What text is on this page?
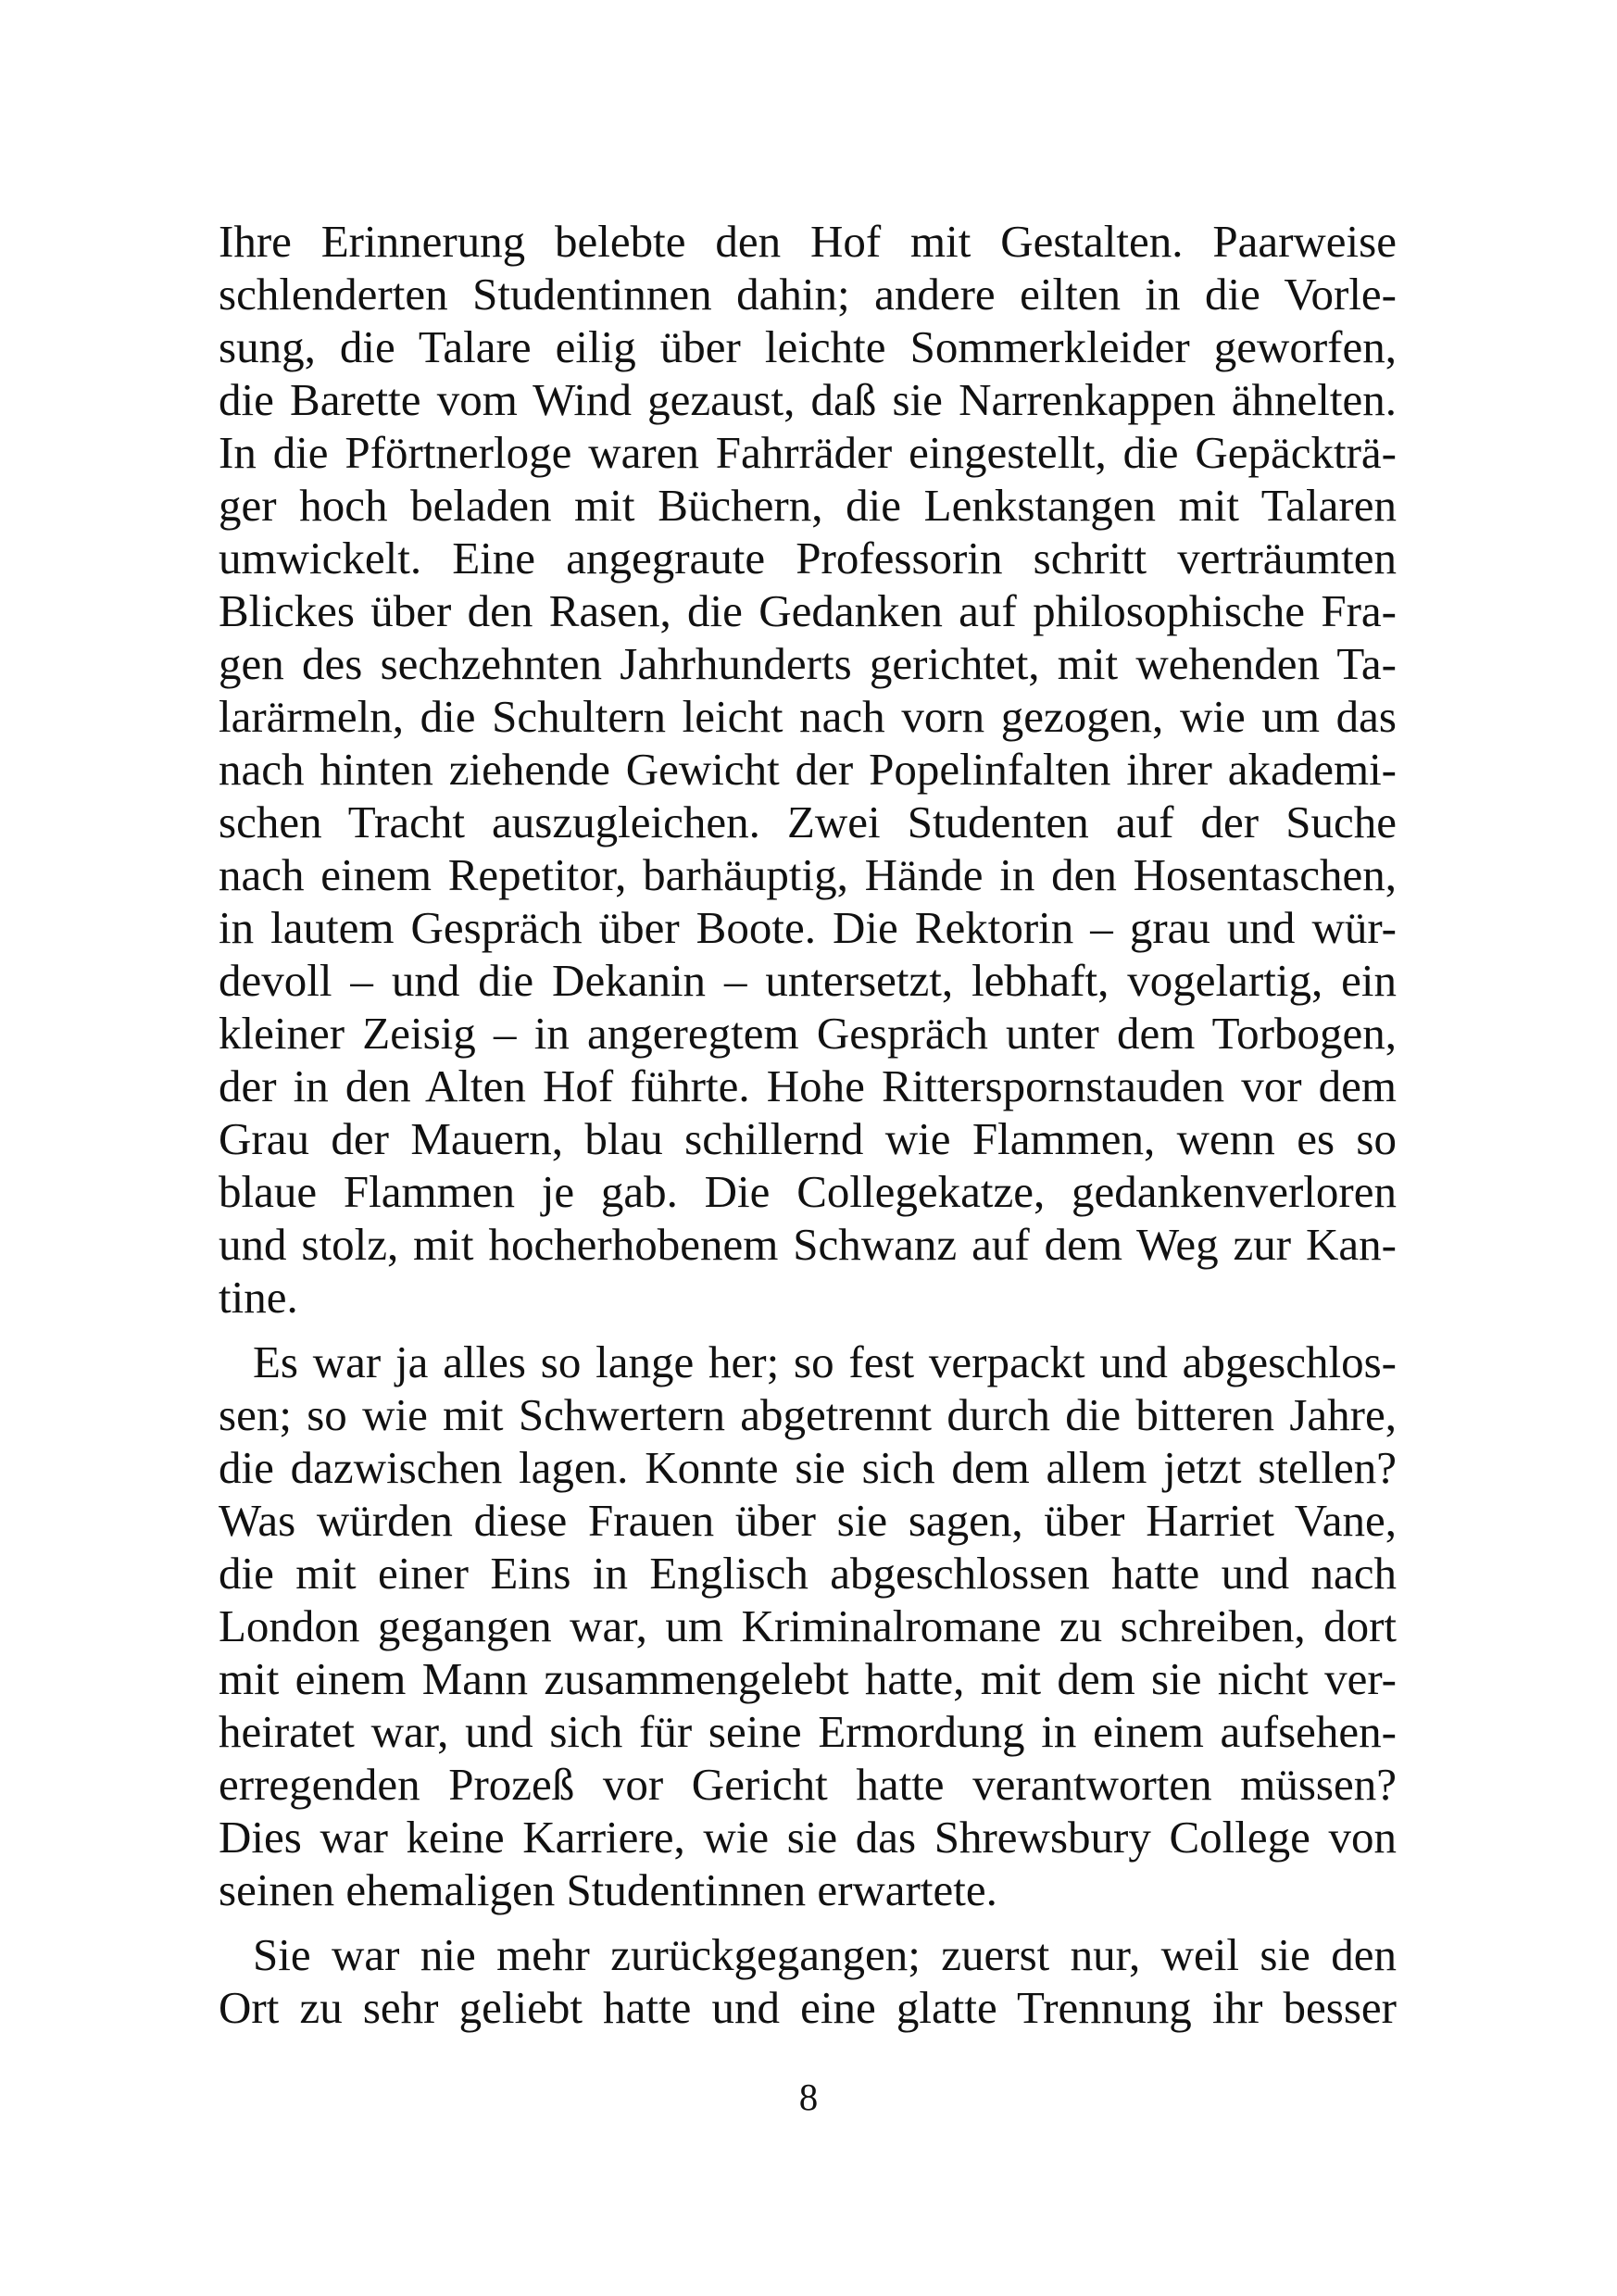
Ihre Erinnerung belebte den Hof mit Gestalten. Paarweise
schlenderten Studentinnen dahin; andere eilten in die Vorle-
sung, die Talare eilig über leichte Sommerkleider geworfen,
die Barette vom Wind gezaust, daß sie Narrenkappen ähnelten.
In die Pförtnerloge waren Fahrräder eingestellt, die Gepäckträ-
ger hoch beladen mit Büchern, die Lenkstangen mit Talaren
umwickelt. Eine angegraute Professorin schritt verträumten
Blickes über den Rasen, die Gedanken auf philosophische Fra-
gen des sechzehnten Jahrhunderts gerichtet, mit wehenden Ta-
larärmeln, die Schultern leicht nach vorn gezogen, wie um das
nach hinten ziehende Gewicht der Popelinfalten ihrer akademi-
schen Tracht auszugleichen. Zwei Studenten auf der Suche
nach einem Repetitor, barhäuptig, Hände in den Hosentaschen,
in lautem Gespräch über Boote. Die Rektorin – grau und wür-
devoll – und die Dekanin – untersetzt, lebhaft, vogelartig, ein
kleiner Zeisig – in angeregtem Gespräch unter dem Torbogen,
der in den Alten Hof führte. Hohe Ritterspornstauden vor dem
Grau der Mauern, blau schillernd wie Flammen, wenn es so
blaue Flammen je gab. Die Collegekatze, gedankenverloren
und stolz, mit hocherhobenem Schwanz auf dem Weg zur Kan-
tine.
Es war ja alles so lange her; so fest verpackt und abgeschlos-
sen; so wie mit Schwertern abgetrennt durch die bitteren Jahre,
die dazwischen lagen. Konnte sie sich dem allem jetzt stellen?
Was würden diese Frauen über sie sagen, über Harriet Vane,
die mit einer Eins in Englisch abgeschlossen hatte und nach
London gegangen war, um Kriminalromane zu schreiben, dort
mit einem Mann zusammengelebt hatte, mit dem sie nicht ver-
heiratet war, und sich für seine Ermordung in einem aufsehen-
erregenden Prozeß vor Gericht hatte verantworten müssen?
Dies war keine Karriere, wie sie das Shrewsbury College von
seinen ehemaligen Studentinnen erwartete.
Sie war nie mehr zurückgegangen; zuerst nur, weil sie den
Ort zu sehr geliebt hatte und eine glatte Trennung ihr besser
8
